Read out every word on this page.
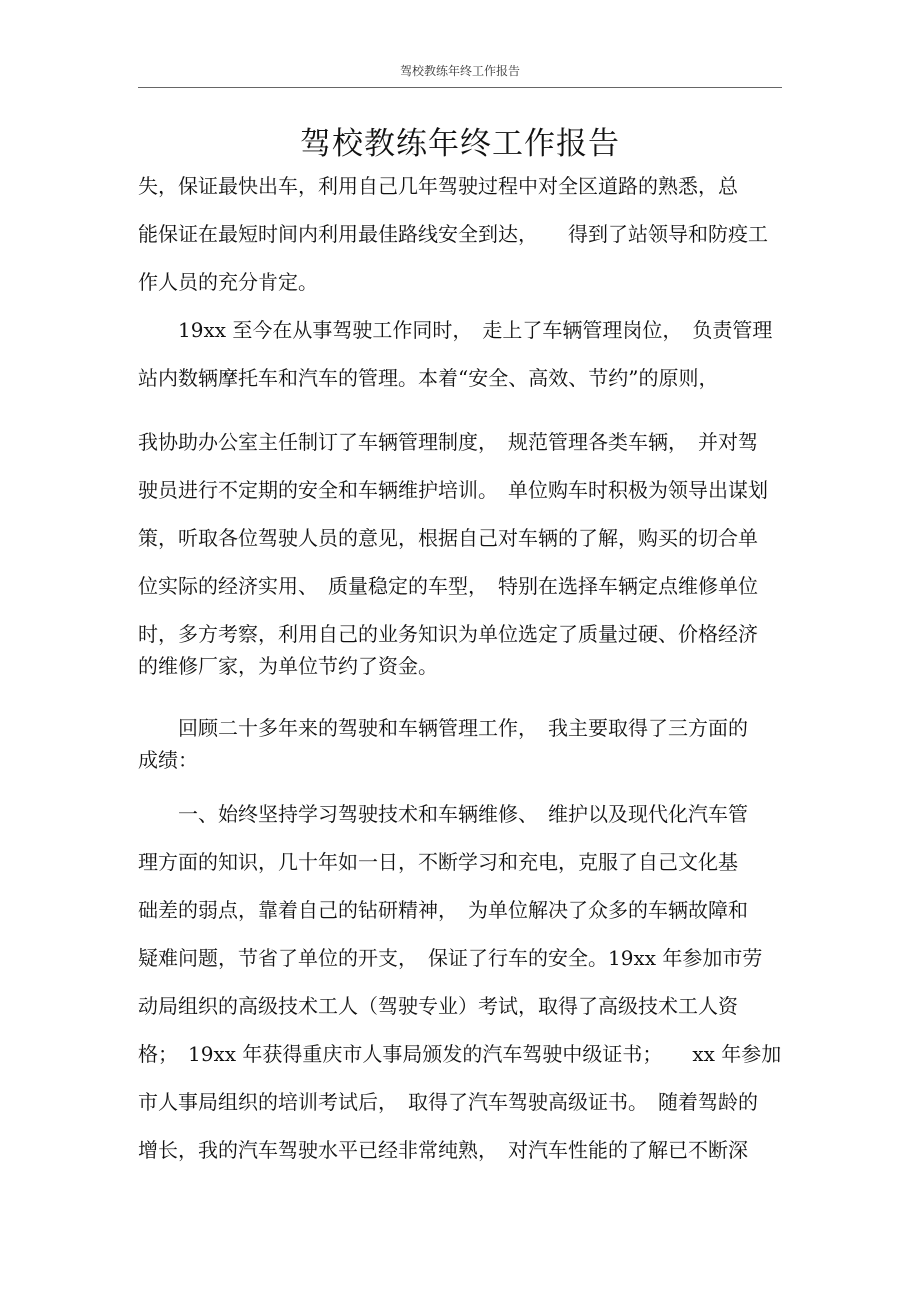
驾校教练年终工作报告
驾校教练年终工作报告
失，保证最快出车，利用自己几年驾驶过程中对全区道路的熟悉，总
能保证在最短时间内利用最佳路线安全到达，　　得到了站领导和防疫工
作人员的充分肯定。
　　19xx 至今在从事驾驶工作同时，　走上了车辆管理岗位，　负责管理
站内数辆摩托车和汽车的管理。本着“安全、高效、节约”的原则，
我协助办公室主任制订了车辆管理制度，　规范管理各类车辆，　并对驾
驶员进行不定期的安全和车辆维护培训。　单位购车时积极为领导出谋划
策，听取各位驾驶人员的意见，根据自己对车辆的了解，购买的切合单
位实际的经济实用、　质量稳定的车型，　特别在选择车辆定点维修单位
时，多方考察，利用自己的业务知识为单位选定了质量过硬、价格经济
的维修厂家，为单位节约了资金。
　　回顾二十多年来的驾驶和车辆管理工作，　我主要取得了三方面的
成绩：
　　一、始终坚持学习驾驶技术和车辆维修、　维护以及现代化汽车管
理方面的知识，几十年如一日，不断学习和充电，克服了自己文化基
础差的弱点，靠着自己的钻研精神，　为单位解决了众多的车辆故障和
疑难问题，节省了单位的开支，　保证了行车的安全。19xx 年参加市劳
动局组织的高级技术工人（驾驶专业）考试，取得了高级技术工人资
格；　19xx 年获得重庆市人事局颁发的汽车驾驶中级证书；　　xx 年参加
市人事局组织的培训考试后，　取得了汽车驾驶高级证书。　随着驾龄的
增长，我的汽车驾驶水平已经非常纯熟，　对汽车性能的了解已不断深
